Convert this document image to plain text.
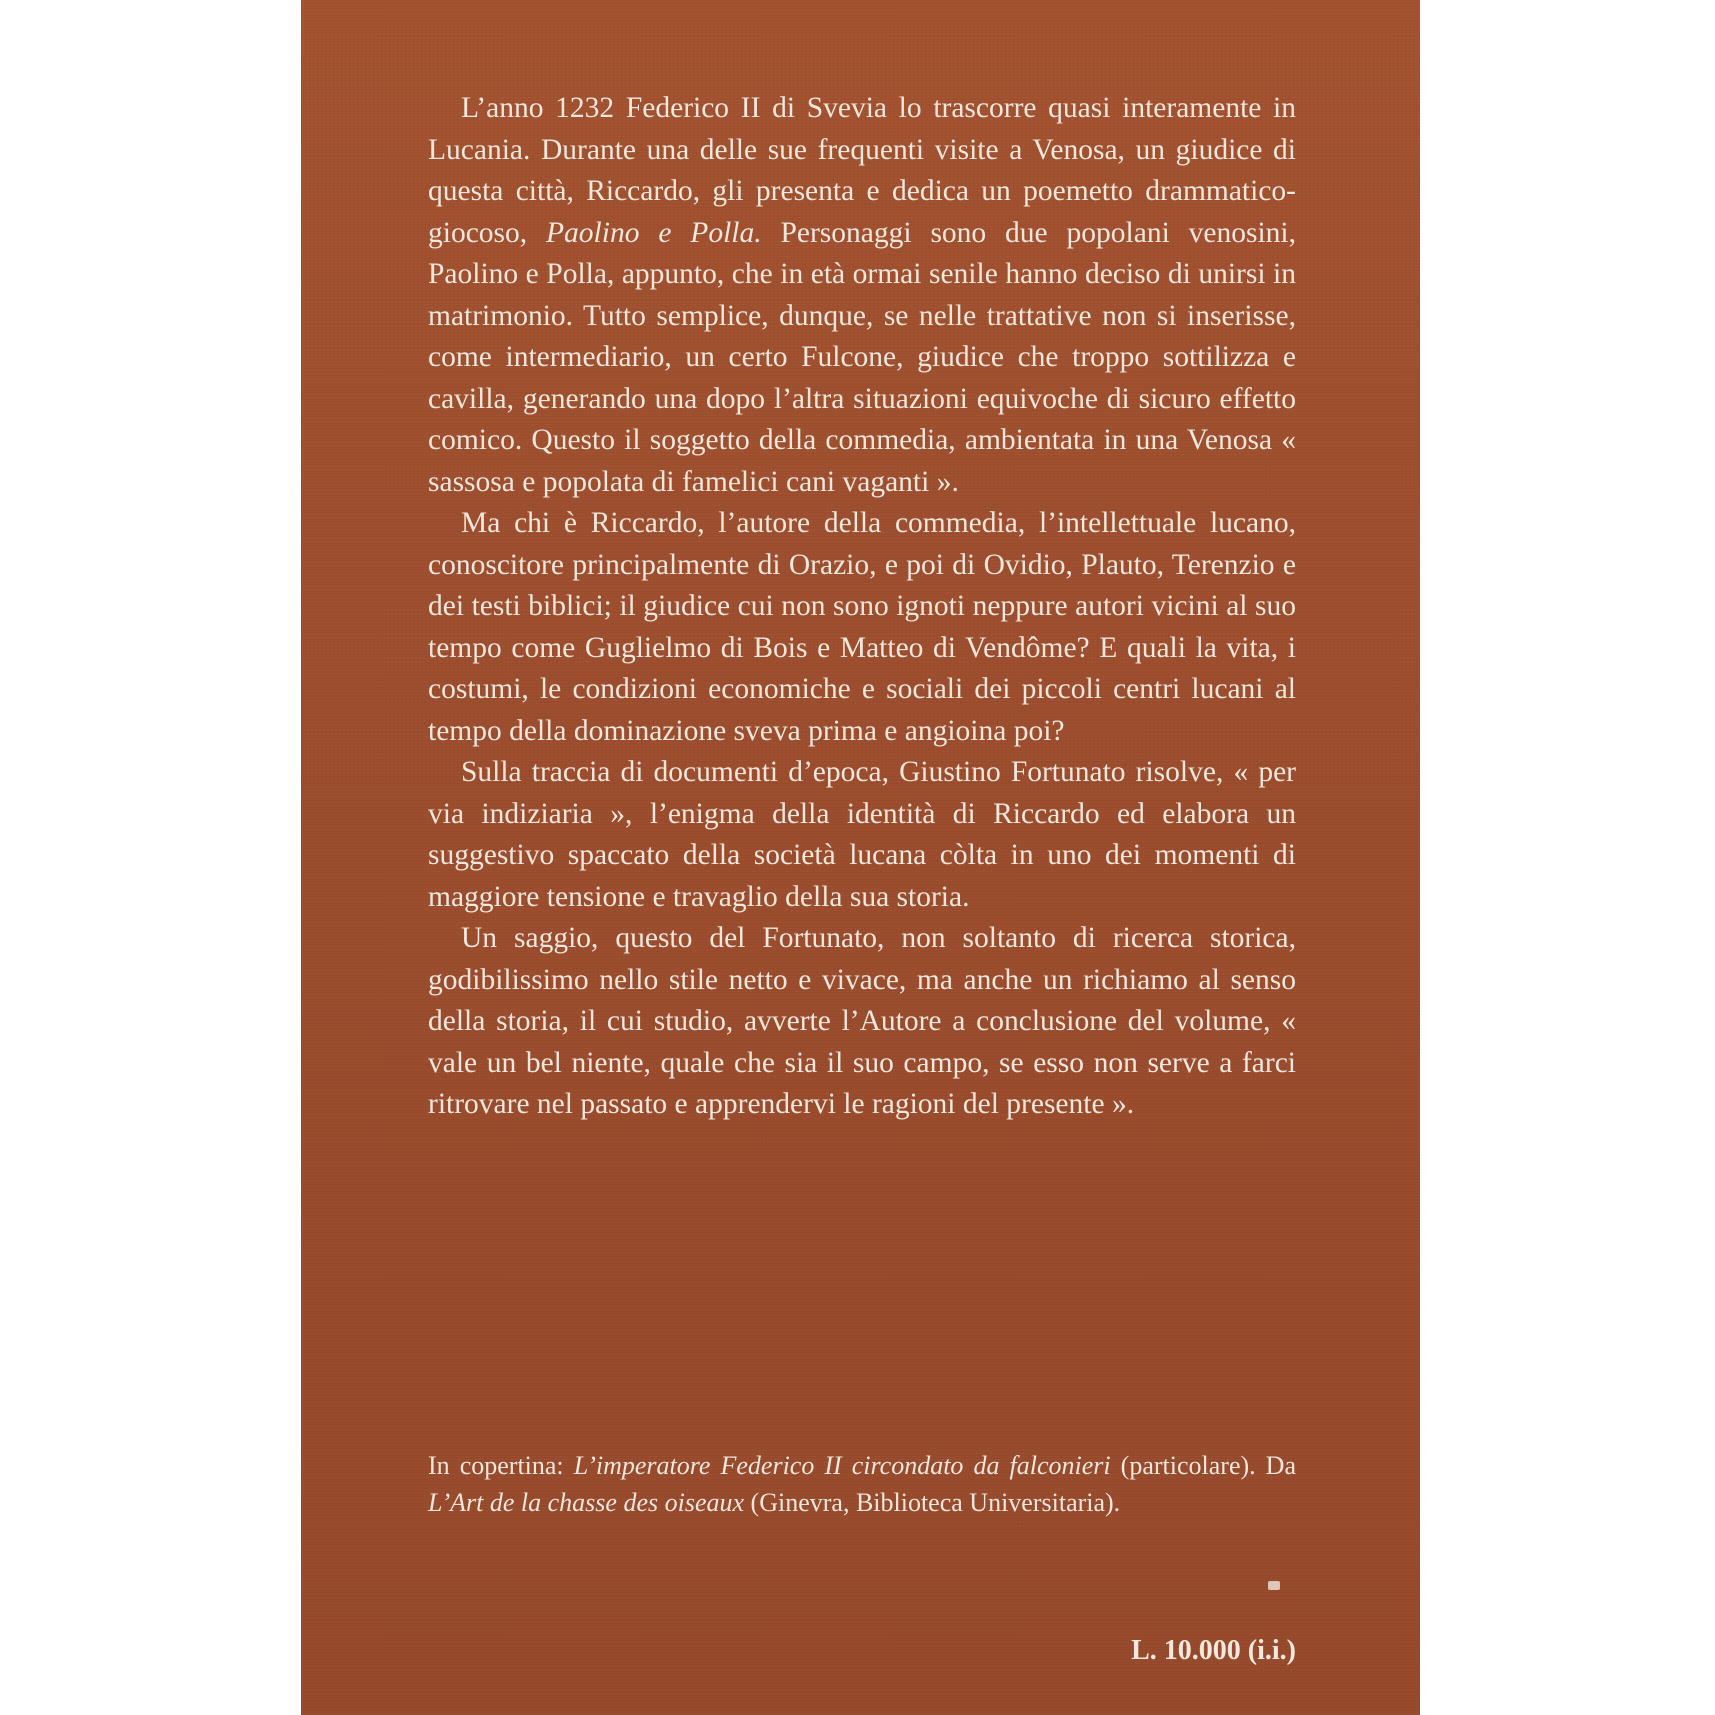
L’anno 1232 Federico II di Svevia lo trascorre quasi interamente in Lucania. Durante una delle sue frequenti visite a Venosa, un giudice di questa città, Riccardo, gli presenta e dedica un poemetto drammatico-giocoso, Paolino e Polla. Personaggi sono due popolani venosini, Paolino e Polla, appunto, che in età ormai senile hanno deciso di unirsi in matrimonio. Tutto semplice, dunque, se nelle trattative non si inserisse, come intermediario, un certo Fulcone, giudice che troppo sottilizza e cavilla, generando una dopo l’altra situazioni equivoche di sicuro effetto comico. Questo il soggetto della commedia, ambientata in una Venosa « sassosa e popolata di famelici cani vaganti ».

Ma chi è Riccardo, l’autore della commedia, l’intellettuale lucano, conoscitore principalmente di Orazio, e poi di Ovidio, Plauto, Terenzio e dei testi biblici; il giudice cui non sono ignoti neppure autori vicini al suo tempo come Guglielmo di Bois e Matteo di Vendôme? E quali la vita, i costumi, le condizioni economiche e sociali dei piccoli centri lucani al tempo della dominazione sveva prima e angioina poi?

Sulla traccia di documenti d’epoca, Giustino Fortunato risolve, « per via indiziaria », l’enigma della identità di Riccardo ed elabora un suggestivo spaccato della società lucana còlta in uno dei momenti di maggiore tensione e travaglio della sua storia.

Un saggio, questo del Fortunato, non soltanto di ricerca storica, godibilissimo nello stile netto e vivace, ma anche un richiamo al senso della storia, il cui studio, avverte l’Autore a conclusione del volume, « vale un bel niente, quale che sia il suo campo, se esso non serve a farci ritrovare nel passato e apprendervi le ragioni del presente ».

In copertina: L’imperatore Federico II circondato da falconieri (particolare). Da L’Art de la chasse des oiseaux (Ginevra, Biblioteca Universitaria).
L. 10.000 (i.i.)
